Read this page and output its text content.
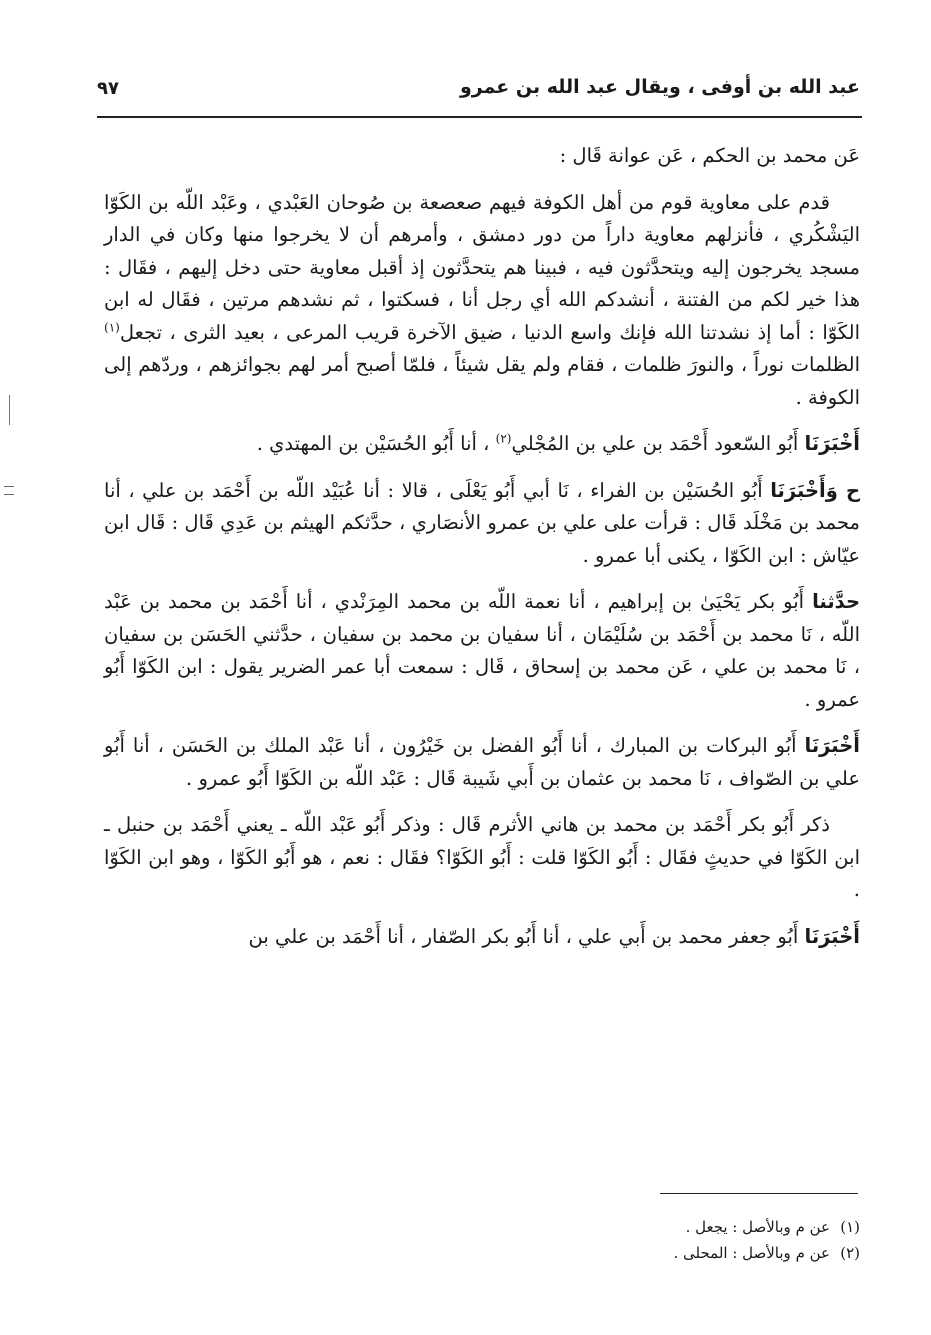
عبد الله بن أوفى ، ويقال عبد الله بن عمرو
٩٧

عَن محمد بن الحكم ، عَن عوانة قَال :

قدم على معاوية قوم من أهل الكوفة فيهم صعصعة بن صُوحان العَبْدي ، وعَبْد اللّه بن الكَوّا اليَشْكُري ، فأنزلهم معاوية داراً من دور دمشق ، وأمرهم أن لا يخرجوا منها وكان في الدار مسجد يخرجون إليه ويتحدَّثون فيه ، فبينا هم يتحدَّثون إذ أقبل معاوية حتى دخل إليهم ، فقَال : هذا خير لكم من الفتنة ، أنشدكم الله أي رجل أنا ، فسكتوا ، ثم نشدهم مرتين ، فقَال له ابن الكَوّا : أما إذ نشدتنا الله فإنك واسع الدنيا ، ضيق الآخرة قريب المرعى ، بعيد الثرى ، تجعل$^{(١)}$ الظلمات نوراً ، والنورَ ظلمات ، فقام ولم يقل شيئاً ، فلمّا أصبح أمر لهم بجوائزهم ، وردّهم إلى الكوفة .

أَخْبَرَنَا أَبُو السّعود أَحْمَد بن علي بن المُجْلي$^{(٢)}$ ، أنا أَبُو الحُسَيْن بن المهتدي .

ح وَأَخْبَرَنَا أَبُو الحُسَيْن بن الفراء ، نَا أبي أَبُو يَعْلَى ، قالا : أنا عُبَيْد اللّه بن أَحْمَد بن علي ، أنا محمد بن مَخْلَد قَال : قرأت على علي بن عمرو الأنصَاري ، حدَّثكم الهيثم بن عَدِي قَال : قَال ابن عيّاش : ابن الكَوّا ، يكنى أبا عمرو .

حدَّثنا أَبُو بكر يَحْيَىٰ بن إبراهيم ، أنا نعمة اللّه بن محمد المِرَنْدي ، أنا أَحْمَد بن محمد بن عَبْد اللّه ، نَا محمد بن أَحْمَد بن سُلَيْمَان ، أنا سفيان بن محمد بن سفيان ، حدَّثني الحَسَن بن سفيان ، نَا محمد بن علي ، عَن محمد بن إسحاق ، قَال : سمعت أبا عمر الضرير يقول : ابن الكَوّا أَبُو عمرو .

أَخْبَرَنَا أَبُو البركات بن المبارك ، أنا أَبُو الفضل بن خَيْرُون ، أنا عَبْد الملك بن الحَسَن ، أنا أَبُو علي بن الصّواف ، نَا محمد بن عثمان بن أَبي شَيبة قَال : عَبْد اللّه بن الكَوّا أَبُو عمرو .

ذكر أَبُو بكر أَحْمَد بن محمد بن هاني الأثرم قَال : وذكر أَبُو عَبْد اللّه ـ يعني أَحْمَد بن حنبل ـ ابن الكَوّا في حديثٍ فقَال : أَبُو الكَوّا قلت : أَبُو الكَوّا؟ فقَال : نعم ، هو أَبُو الكَوّا ، وهو ابن الكَوّا .

أَخْبَرَنَا أَبُو جعفر محمد بن أَبي علي ، أنا أَبُو بكر الصّفار ، أنا أَحْمَد بن علي بن

(١)عن م وبالأصل : يجعل .
(٢)عن م وبالأصل : المحلى .
